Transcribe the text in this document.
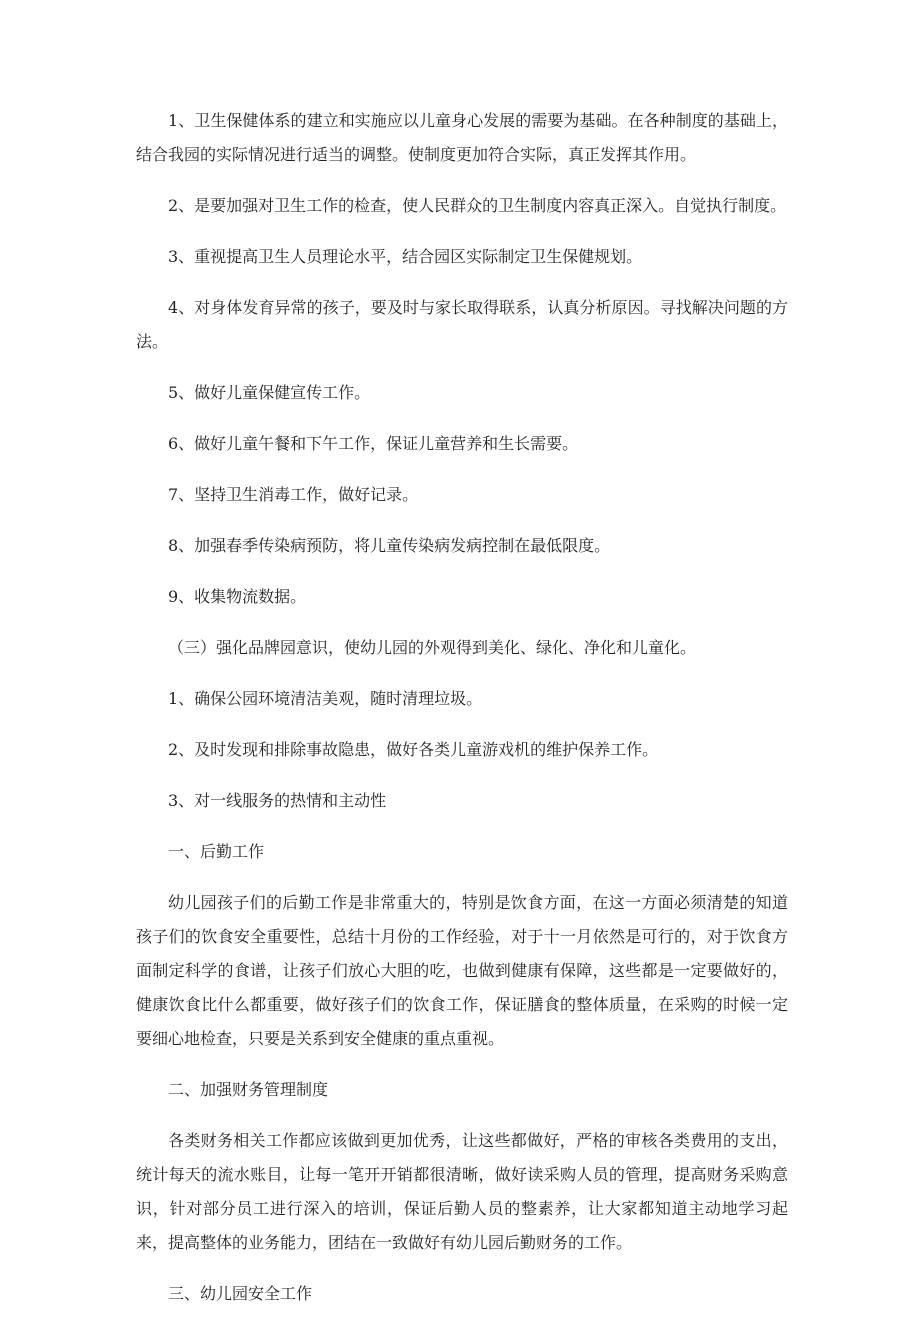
1、卫生保健体系的建立和实施应以儿童身心发展的需要为基础。在各种制度的基础上，结合我园的实际情况进行适当的调整。使制度更加符合实际，真正发挥其作用。

2、是要加强对卫生工作的检查，使人民群众的卫生制度内容真正深入。自觉执行制度。

3、重视提高卫生人员理论水平，结合园区实际制定卫生保健规划。

4、对身体发育异常的孩子，要及时与家长取得联系，认真分析原因。寻找解决问题的方法。

5、做好儿童保健宣传工作。

6、做好儿童午餐和下午工作，保证儿童营养和生长需要。

7、坚持卫生消毒工作，做好记录。

8、加强春季传染病预防，将儿童传染病发病控制在最低限度。

9、收集物流数据。

（三）强化品牌园意识，使幼儿园的外观得到美化、绿化、净化和儿童化。

1、确保公园环境清洁美观，随时清理垃圾。

2、及时发现和排除事故隐患，做好各类儿童游戏机的维护保养工作。

3、对一线服务的热情和主动性

一、后勤工作

幼儿园孩子们的后勤工作是非常重大的，特别是饮食方面，在这一方面必须清楚的知道孩子们的饮食安全重要性，总结十月份的工作经验，对于十一月依然是可行的，对于饮食方面制定科学的食谱，让孩子们放心大胆的吃，也做到健康有保障，这些都是一定要做好的，健康饮食比什么都重要，做好孩子们的饮食工作，保证膳食的整体质量，在采购的时候一定要细心地检查，只要是关系到安全健康的重点重视。

二、加强财务管理制度

各类财务相关工作都应该做到更加优秀，让这些都做好，严格的审核各类费用的支出，统计每天的流水账目，让每一笔开开销都很清晰，做好读采购人员的管理，提高财务采购意识，针对部分员工进行深入的培训，保证后勤人员的整素养，让大家都知道主动地学习起来，提高整体的业务能力，团结在一致做好有幼儿园后勤财务的工作。

三、幼儿园安全工作
